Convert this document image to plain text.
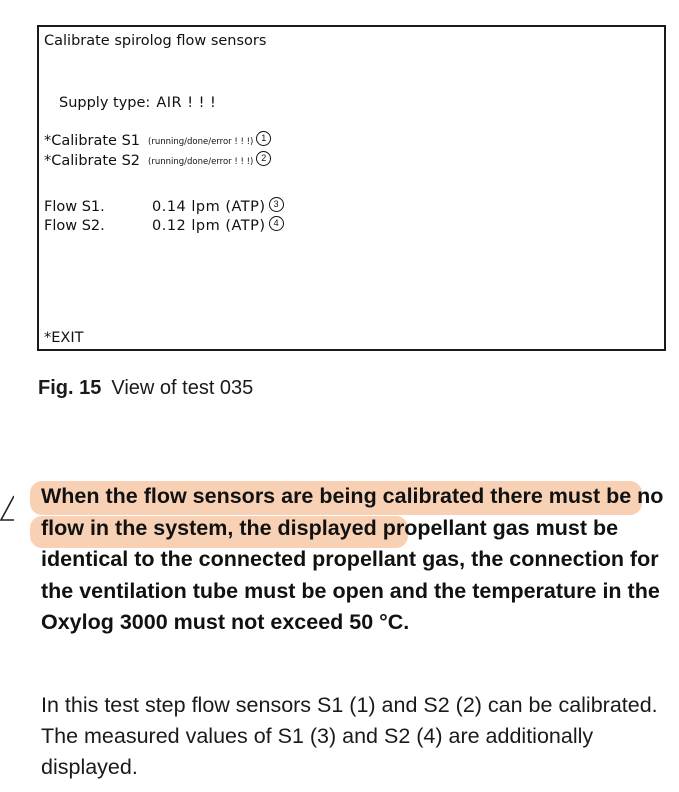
Calibrate spirolog flow sensors
Supply type: AIR ! ! !
*Calibrate S1 (running/done/error ! ! !) 1
*Calibrate S2 (running/done/error ! ! !) 2
Flow S1.	0.14 lpm (ATP) 3
Flow S2.	0.12 lpm (ATP) 4
*EXIT
Fig. 15 View of test 035
When the flow sensors are being calibrated there must be no flow in the system, the displayed propellant gas must be identical to the connected propellant gas, the connection for the ventilation tube must be open and the temperature in the Oxylog 3000 must not exceed 50 °C.
In this test step flow sensors S1 (1) and S2 (2) can be calibrated. The measured values of S1 (3) and S2 (4) are additionally displayed.
